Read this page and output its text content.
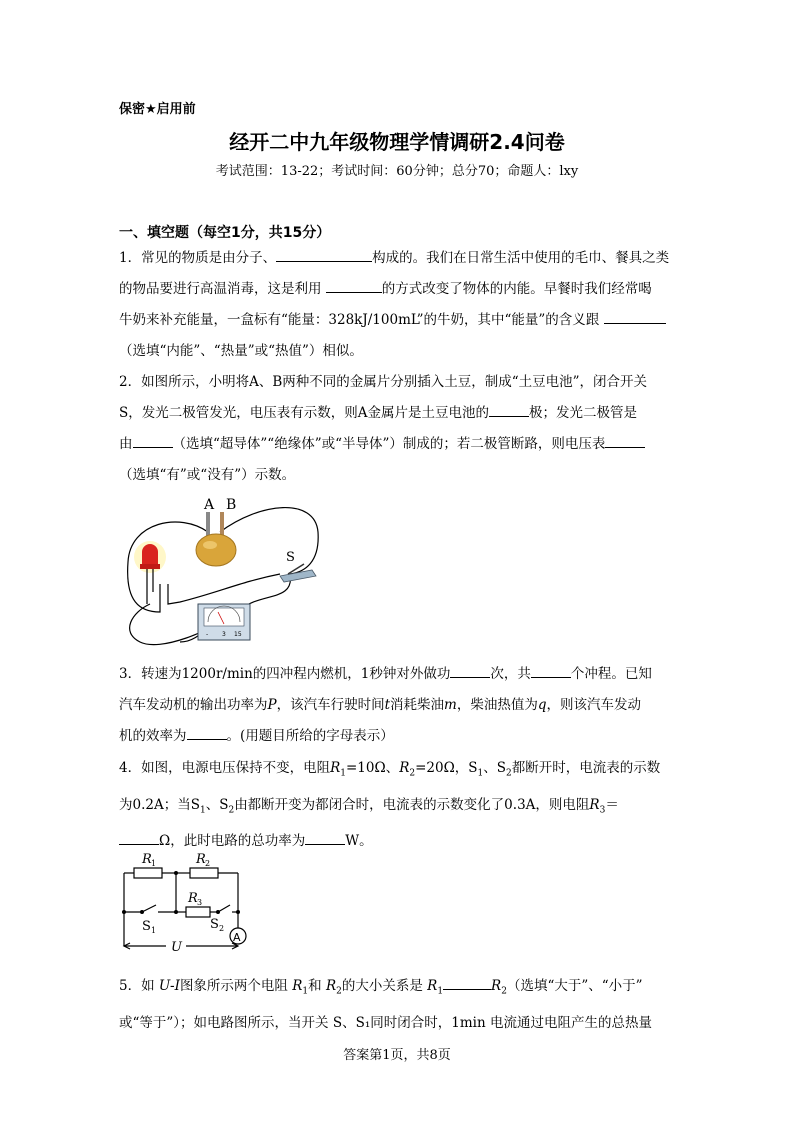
保密★启用前
经开二中九年级物理学情调研2.4问卷
考试范围：13-22；考试时间：60分钟；总分70；命题人：lxy
一、填空题（每空1分，共15分）

1．常见的物质是由分子、	构成的。我们在日常生活中使用的毛巾、餐具之类

的物品要进行高温消毒，这是利用	的方式改变了物体的内能。早餐时我们经常喝

牛奶来补充能量，一盒标有“能量：328kJ/100mL”的牛奶，其中“能量”的含义跟

（选填“内能”、“热量”或“热值”）相似。

2．如图所示，小明将A、B两种不同的金属片分别插入土豆，制成“土豆电池”，闭合开关

S，发光二极管发光，电压表有示数，则A金属片是土豆电池的	极；发光二极管是

由	（选填“超导体”“绝缘体”或“半导体”）制成的；若二极管断路，则电压表

（选填“有”或“没有”）示数。

A B
S
- 3 15

3．转速为1200r/min的四冲程内燃机，1秒钟对外做功	次，共	个冲程。已知

汽车发动机的输出功率为P，该汽车行驶时间t消耗柴油m，柴油热值为q，则该汽车发动

机的效率为	。(用题目所给的字母表示）

4．如图，电源电压保持不变，电阻$R_1=10\Omega$、$R_2=20\Omega$，$S_1$、$S_2$都断开时，电流表的示数

为0.2A；当$S_1$、$S_2$由都断开变为都闭合时，电流表的示数变化了0.3A，则电阻$R_3=$

Ω，此时电路的总功率为	W。

R 1	R 2
R 3
S 1	S 2
A
U

5．如 U-I图象所示两个电阻 $R_1$和 $R_2$的大小关系是 $R_1$	$R_2$（选填“大于”、“小于”

或“等于”）；如电路图所示，当开关 S、S₁同时闭合时，1min 电流通过电阻产生的总热量

答案第1页，共8页
